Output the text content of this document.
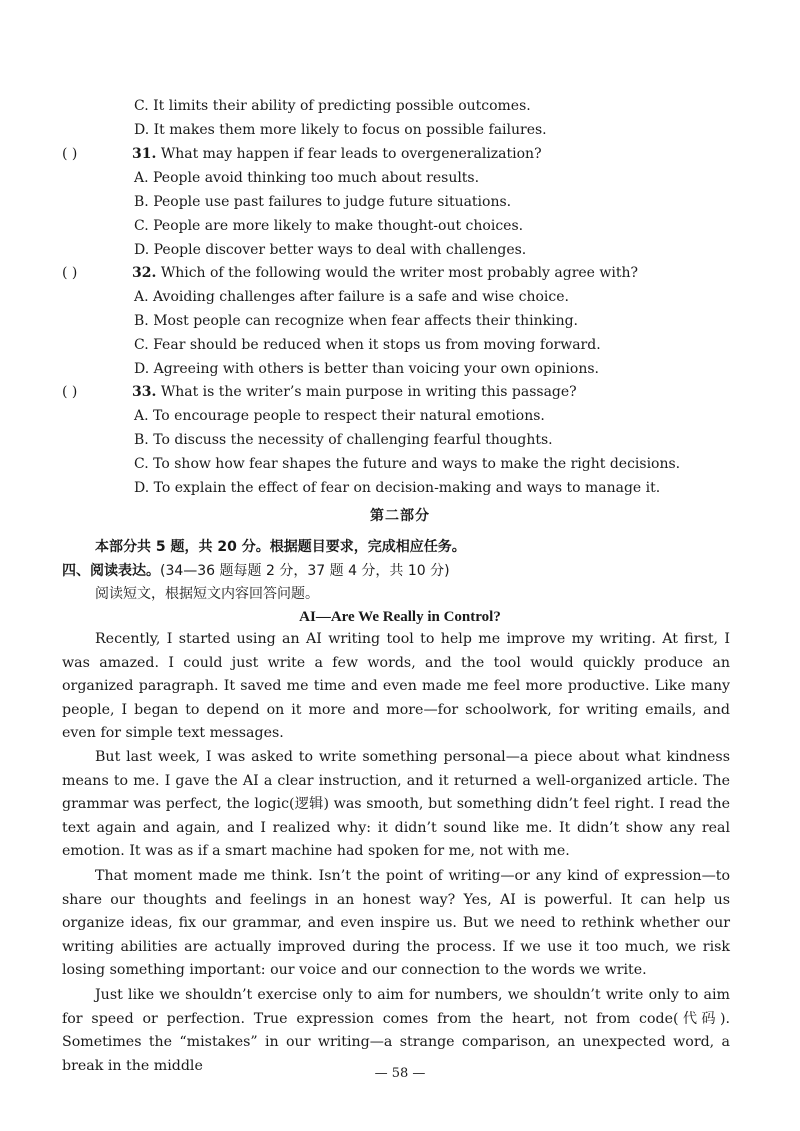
C. It limits their ability of predicting possible outcomes.
D. It makes them more likely to focus on possible failures.
( )	31. What may happen if fear leads to overgeneralization?
A. People avoid thinking too much about results.
B. People use past failures to judge future situations.
C. People are more likely to make thought-out choices.
D. People discover better ways to deal with challenges.
( )	32. Which of the following would the writer most probably agree with?
A. Avoiding challenges after failure is a safe and wise choice.
B. Most people can recognize when fear affects their thinking.
C. Fear should be reduced when it stops us from moving forward.
D. Agreeing with others is better than voicing your own opinions.
( )	33. What is the writer’s main purpose in writing this passage?
A. To encourage people to respect their natural emotions.
B. To discuss the necessity of challenging fearful thoughts.
C. To show how fear shapes the future and ways to make the right decisions.
D. To explain the effect of fear on decision-making and ways to manage it.
第二部分
本部分共 5 题，共 20 分。根据题目要求，完成相应任务。
四、阅读表达。(34—36 题每题 2 分，37 题 4 分，共 10 分)
阅读短文，根据短文内容回答问题。
AI—Are We Really in Control?

Recently, I started using an AI writing tool to help me improve my writing. At first, I was amazed. I could just write a few words, and the tool would quickly produce an organized paragraph. It saved me time and even made me feel more productive. Like many people, I began to depend on it more and more—for schoolwork, for writing emails, and even for simple text messages.

But last week, I was asked to write something personal—a piece about what kindness means to me. I gave the AI a clear instruction, and it returned a well-organized article. The grammar was perfect, the logic(逻辑) was smooth, but something didn’t feel right. I read the text again and again, and I realized why: it didn’t sound like me. It didn’t show any real emotion. It was as if a smart machine had spoken for me, not with me.

That moment made me think. Isn’t the point of writing—or any kind of expression—to share our thoughts and feelings in an honest way? Yes, AI is powerful. It can help us organize ideas, fix our grammar, and even inspire us. But we need to rethink whether our writing abilities are actually improved during the process. If we use it too much, we risk losing something important: our voice and our connection to the words we write.

Just like we shouldn’t exercise only to aim for numbers, we shouldn’t write only to aim for speed or perfection. True expression comes from the heart, not from code(代码). Sometimes the “mistakes” in our writing—a strange comparison, an unexpected word, a break in the middle	— 58 —
